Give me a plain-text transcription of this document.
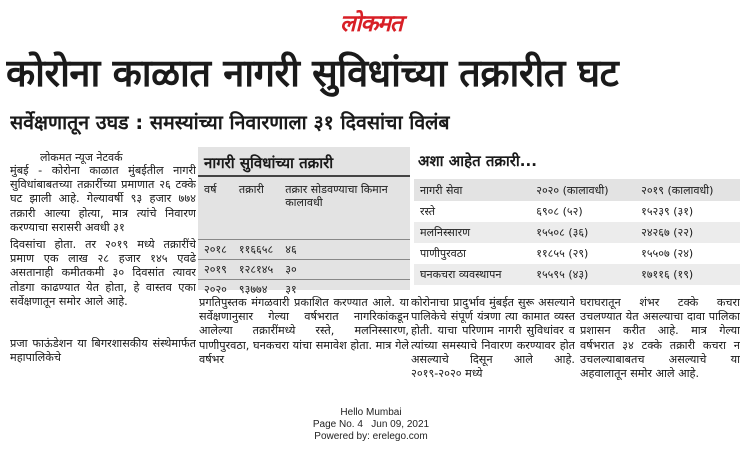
लोकमत
कोरोना काळात नागरी सुविधांच्या तक्रारीत घट
सर्वेक्षणातून उघड : समस्यांच्या निवारणाला ३१ दिवसांचा विलंब
लोकमत न्यूज नेटवर्क
मुंबई - कोरोना काळात मुंबईतील नागरी सुविधांबाबतच्या तक्रारींच्या प्रमाणात २६ टक्के घट झाली आहे. गेल्यावर्षी ९३ हजार ७७४ तक्रारी आल्या होत्या, मात्र त्यांचे निवारण करण्याचा सरासरी अवधी ३१
दिवसांचा होता. तर २०१९ मध्ये तक्रारींचे प्रमाण एक लाख २८ हजार १४५ एवढे असतानाही कमीतकमी ३० दिवसांत त्यावर तोडगा काढण्यात येत होता, हे वास्तव एका सर्वेक्षणातून समोर आले आहे.
प्रजा फाऊंडेशन या बिगरशासकीय संस्थेमार्फत महापालिकेचे
प्रगतिपुस्तक मंगळवारी प्रकाशित करण्यात आले. या सर्वेक्षणानुसार गेल्या वर्षभरात नागरिकांकडून आलेल्या तक्रारींमध्ये रस्ते, मलनिस्सारण, पाणीपुरवठा, घनकचरा यांचा समावेश होता. मात्र गेले वर्षभर
कोरोनाचा प्रादुर्भाव मुंबईत सुरू असल्याने पालिकेचे संपूर्ण यंत्रणा त्या कामात व्यस्त होती. याचा परिणाम नागरी सुविधांवर व त्यांच्या समस्याचे निवारण करण्यावर होत असल्याचे दिसून आले आहे. २०१९-२०२० मध्ये
घराघरातून शंभर टक्के कचरा उचलण्यात येत असल्याचा दावा पालिका प्रशासन करीत आहे. मात्र गेल्या वर्षभरात ३४ टक्के तक्रारी कचरा न उचलल्याबाबतच असल्याचे या अहवालातून समोर आले आहे.
नागरी सुविधांच्या तक्रारी
वर्ष	तक्रारी	तक्रार सोडवण्याचा किमान कालावधी
२०१८	११६६५८	४६
२०१९	१२८१४५	३०
२०२०	९३७७४	३१
अशा आहेत तक्रारी...
नागरी सेवा	२०२० (कालावधी)	२०१९ (कालावधी)
रस्ते	६९०८ (५२)	१५२३९ (३१)
मलनिस्सारण	१५५०८ (३६)	२४२६७ (२२)
पाणीपुरवठा	११८५५ (२९)	१५५०७ (२४)
घनकचरा व्यवस्थापन	१५५९५ (४३)	१७११६ (१९)
Hello Mumbai
Page No. 4   Jun 09, 2021
Powered by: erelego.com
